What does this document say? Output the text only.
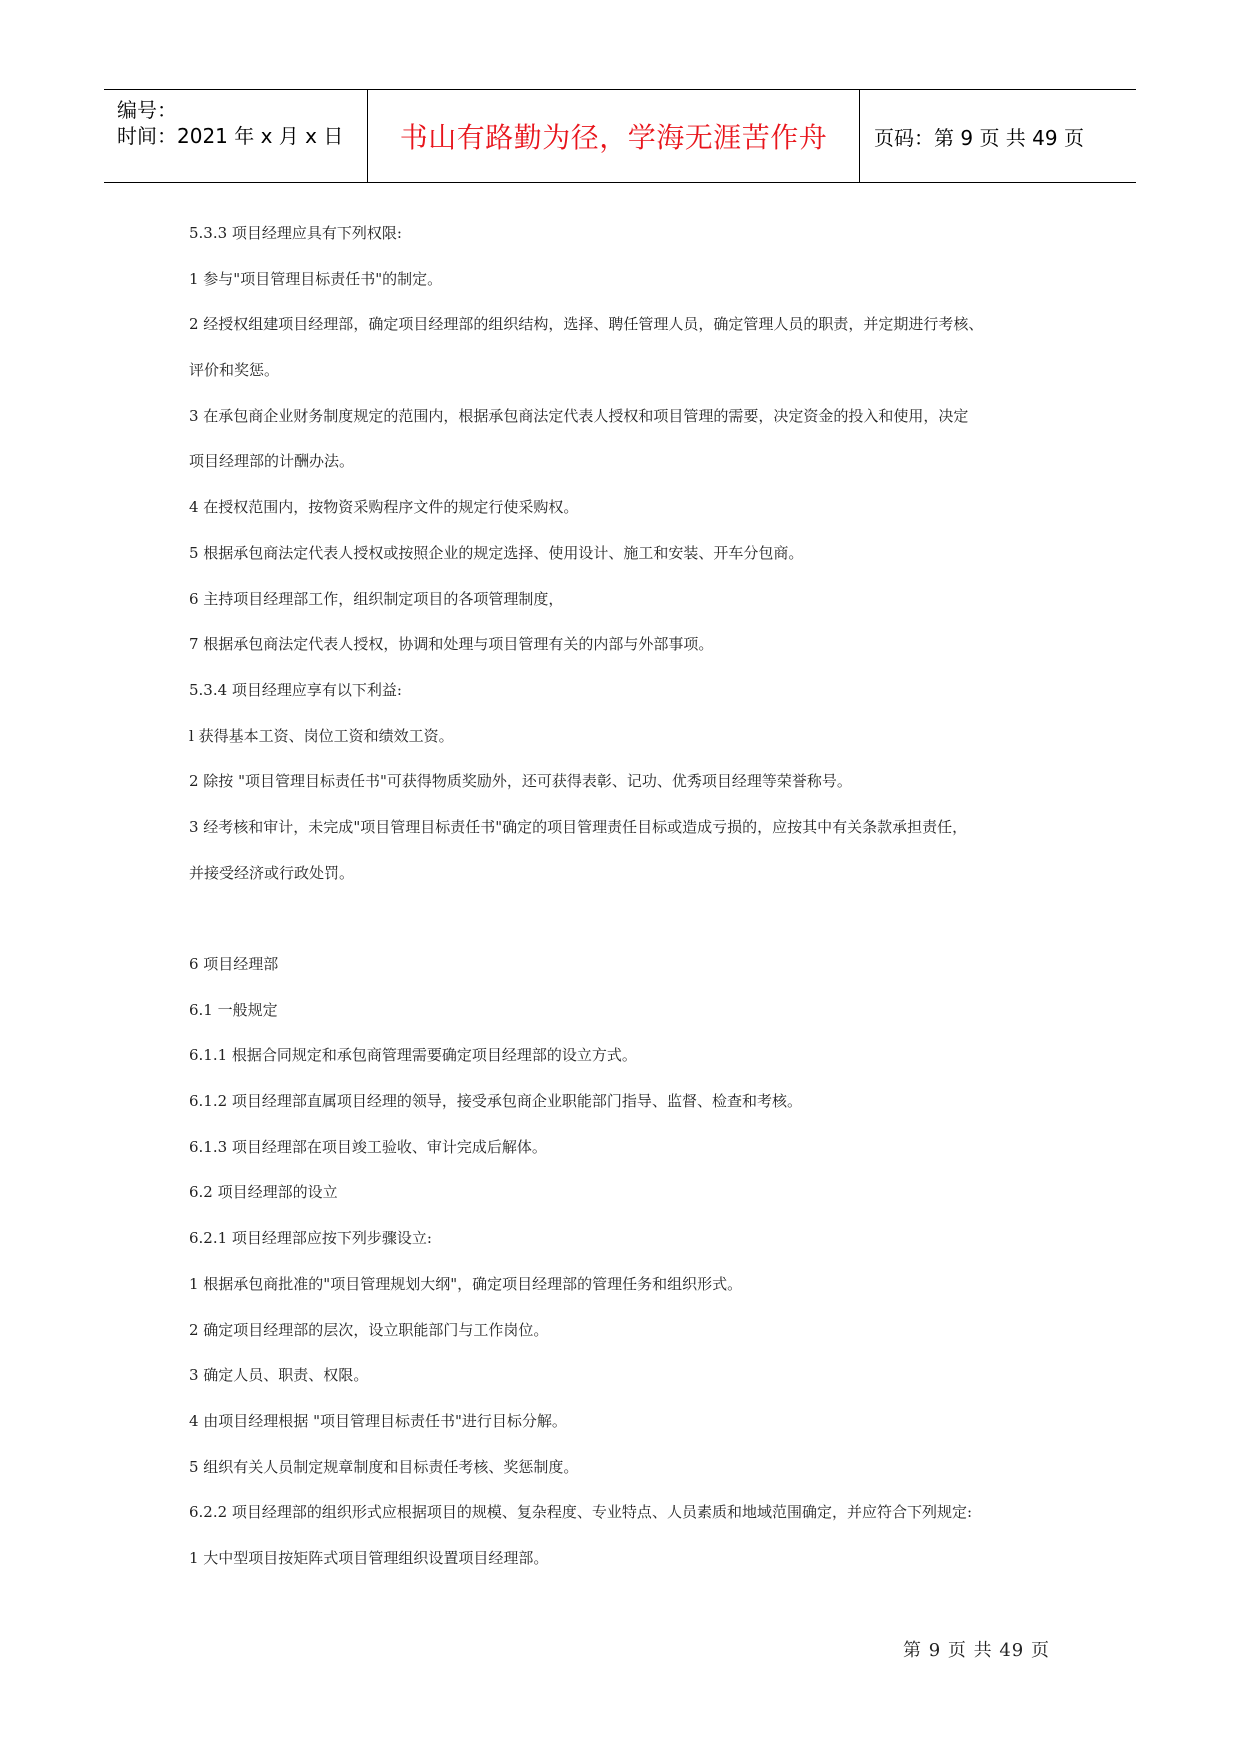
编号：
时间：2021 年 x 月 x 日	书山有路勤为径，学海无涯苦作舟	页码：第 9 页 共 49 页

5.3.3 项目经理应具有下列权限:

1 参与"项目管理目标责任书"的制定。

2 经授权组建项目经理部，确定项目经理部的组织结构，选择、聘任管理人员，确定管理人员的职责，并定期进行考核、

评价和奖惩。

3 在承包商企业财务制度规定的范围内，根据承包商法定代表人授权和项目管理的需要，决定资金的投入和使用，决定

项目经理部的计酬办法。

4 在授权范围内，按物资采购程序文件的规定行使采购权。

5 根据承包商法定代表人授权或按照企业的规定选择、使用设计、施工和安装、开车分包商。

6 主持项目经理部工作，组织制定项目的各项管理制度，

7 根据承包商法定代表人授权，协调和处理与项目管理有关的内部与外部事项。

5.3.4 项目经理应享有以下利益:

l 获得基本工资、岗位工资和绩效工资。

2 除按 "项目管理目标责任书"可获得物质奖励外，还可获得表彰、记功、优秀项目经理等荣誉称号。

3 经考核和审计，未完成"项目管理目标责任书"确定的项目管理责任目标或造成亏损的，应按其中有关条款承担责任，

并接受经济或行政处罚。

6 项目经理部

6.1 一般规定

6.1.1 根据合同规定和承包商管理需要确定项目经理部的设立方式。

6.1.2 项目经理部直属项目经理的领导，接受承包商企业职能部门指导、监督、检查和考核。

6.1.3 项目经理部在项目竣工验收、审计完成后解体。

6.2 项目经理部的设立

6.2.1 项目经理部应按下列步骤设立:

1 根据承包商批准的"项目管理规划大纲"，确定项目经理部的管理任务和组织形式。

2 确定项目经理部的层次，设立职能部门与工作岗位。

3 确定人员、职责、权限。

4 由项目经理根据 "项目管理目标责任书"进行目标分解。

5 组织有关人员制定规章制度和目标责任考核、奖惩制度。

6.2.2 项目经理部的组织形式应根据项目的规模、复杂程度、专业特点、人员素质和地域范围确定，并应符合下列规定:

1 大中型项目按矩阵式项目管理组织设置项目经理部。

第 9 页 共 49 页
